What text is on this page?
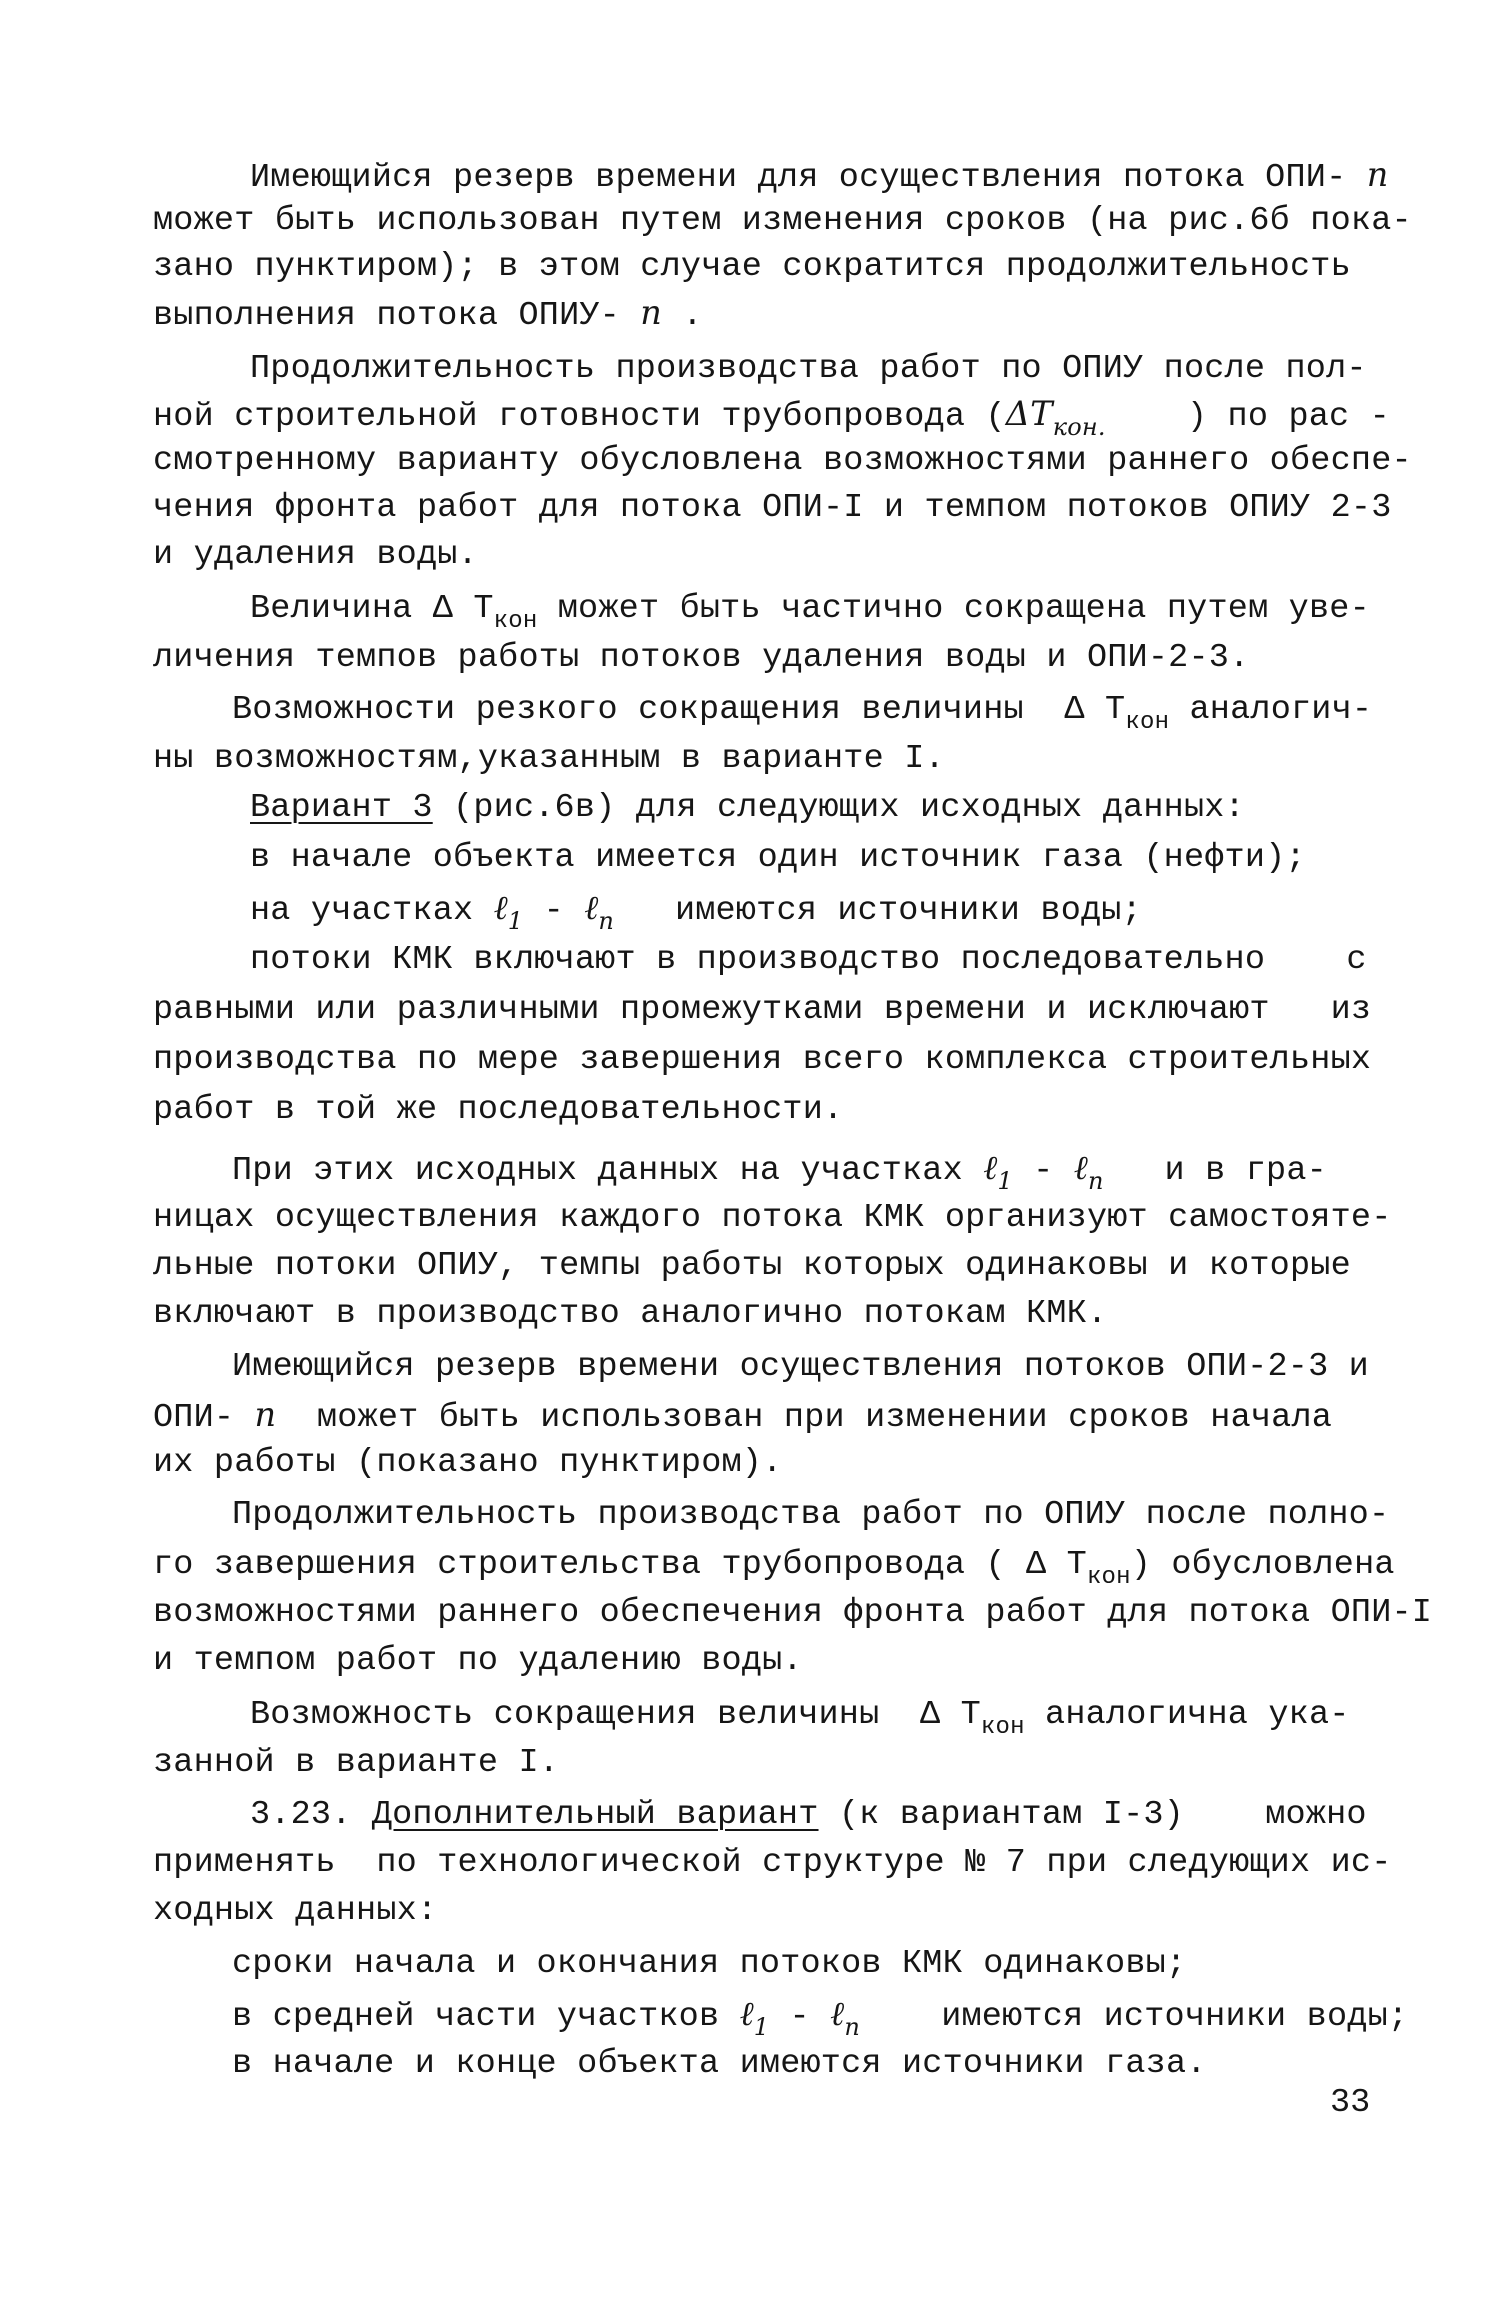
Имеющийся резерв времени для осуществления потока ОПИ- n
может быть использован путем изменения сроков (на рис.6б пока-
зано пунктиром); в этом случае сократится продолжительность
выполнения потока ОПИУ- n .
Продолжительность производства работ по ОПИУ после пол-
ной строительной готовности трубопровода ($\Delta Т_{кон.}$    ) по рас -
смотренному варианту обусловлена возможностями раннего обеспе-
чения фронта работ для потока ОПИ-I и темпом потоков ОПИУ 2-3
и удаления воды.
Величина Δ $T_{кон}$ может быть частично сокращена путем уве-
личения темпов работы потоков удаления воды и ОПИ-2-3.
Возможности резкого сокращения величины  Δ $Т_{кон}$ аналогич-
ны возможностям,указанным в варианте I.
Вариант 3 (рис.6в) для следующих исходных данных:
в начале объекта имеется один источник газа (нефти);
на участках ℓ$_1$ - ℓ$_n$   имеются источники воды;
потоки КМК включают в производство последовательно    с
равными или различными промежутками времени и исключают   из
производства по мере завершения всего комплекса строительных
работ в той же последовательности.
При этих исходных данных на участках ℓ$_1$ - ℓ$_n$   и в гра-
ницах осуществления каждого потока КМК организуют самостояте-
льные потоки ОПИУ, темпы работы которых одинаковы и которые
включают в производство аналогично потокам КМК.
Имеющийся резерв времени осуществления потоков ОПИ-2-3 и
ОПИ- n  может быть использован при изменении сроков начала
их работы (показано пунктиром).
Продолжительность производства работ по ОПИУ после полно-
го завершения строительства трубопровода ( Δ $Т_{кон}$) обусловлена
возможностями раннего обеспечения фронта работ для потока ОПИ-I
и темпом работ по удалению воды.
Возможность сокращения величины  Δ $Т_{кон}$ аналогична ука-
занной в варианте I.
3.23. Дополнительный вариант (к вариантам I-3)    можно
применять  по технологической структуре № 7 при следующих ис-
ходных данных:
сроки начала и окончания потоков КМК одинаковы;
в средней части участков ℓ$_1$ - ℓ$_n$    имеются источники воды;
в начале и конце объекта имеются источники газа.
33
